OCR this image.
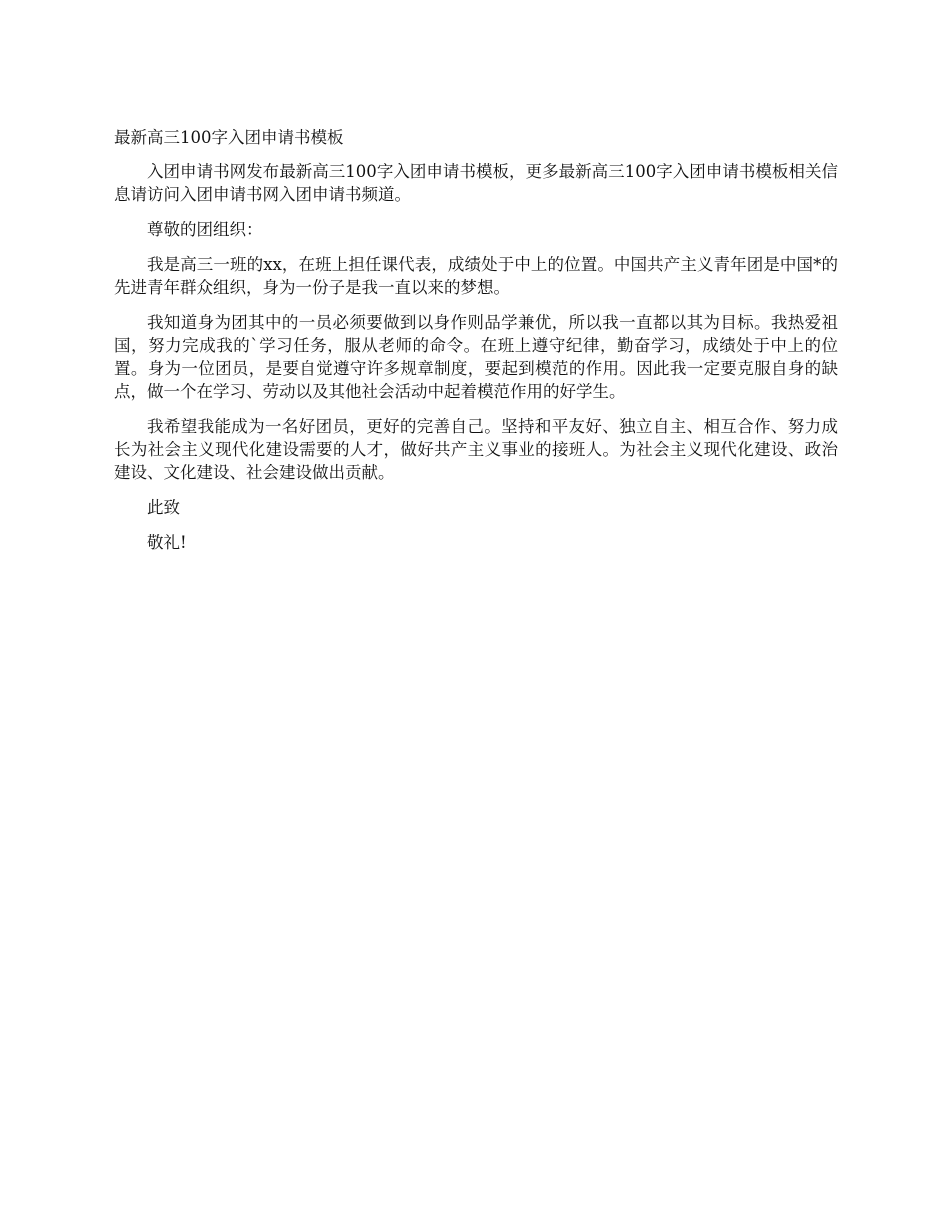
最新高三100字入团申请书模板

入团申请书网发布最新高三100字入团申请书模板，更多最新高三100字入团申请书模板相关信息请访问入团申请书网入团申请书频道。

尊敬的团组织：

我是高三一班的xx，在班上担任课代表，成绩处于中上的位置。中国共产主义青年团是中国*的先进青年群众组织，身为一份子是我一直以来的梦想。

我知道身为团其中的一员必须要做到以身作则品学兼优，所以我一直都以其为目标。我热爱祖国，努力完成我的`学习任务，服从老师的命令。在班上遵守纪律，勤奋学习，成绩处于中上的位置。身为一位团员，是要自觉遵守许多规章制度，要起到模范的作用。因此我一定要克服自身的缺点，做一个在学习、劳动以及其他社会活动中起着模范作用的好学生。

我希望我能成为一名好团员，更好的完善自己。坚持和平友好、独立自主、相互合作、努力成长为社会主义现代化建设需要的人才，做好共产主义事业的接班人。为社会主义现代化建设、政治建设、文化建设、社会建设做出贡献。

此致

敬礼!
